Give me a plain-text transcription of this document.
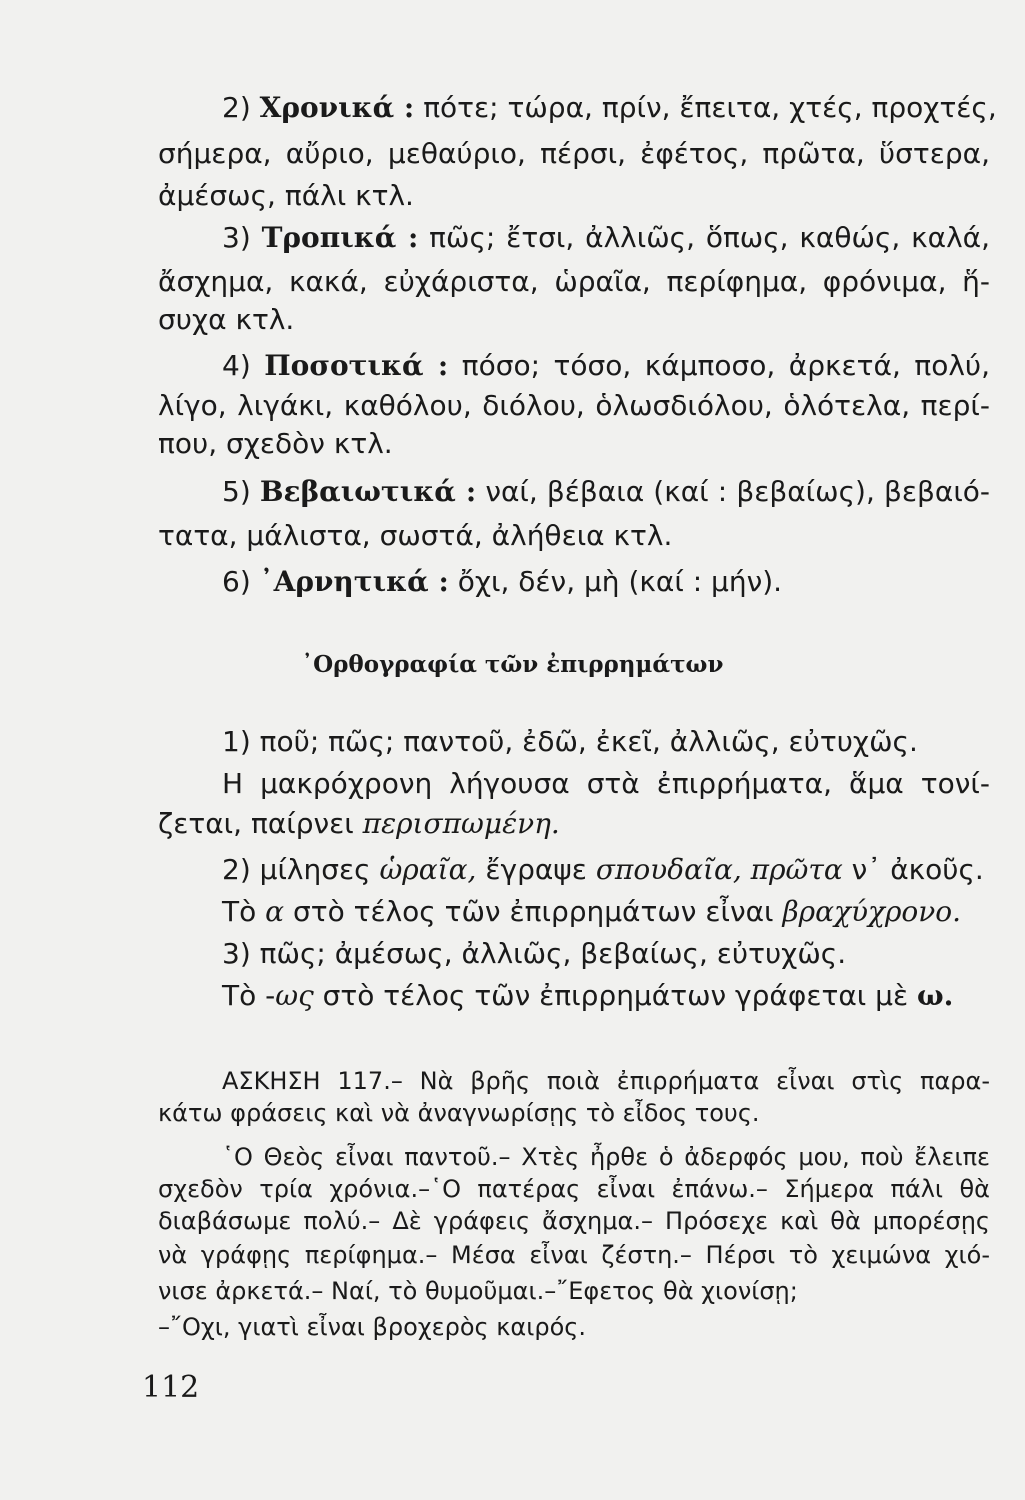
2) Χρονικά : πότε; τώρα, πρίν, ἔπειτα, χτές, προχτές,
σήμερα, αὔριο, μεθαύριο, πέρσι, ἐφέτος, πρῶτα, ὕστερα,
ἀμέσως, πάλι κτλ.
3) Τροπικά : πῶς; ἔτσι, ἀλλιῶς, ὅπως, καθώς, καλά,
ἄσχημα, κακά, εὐχάριστα, ὡραῖα, περίφημα, φρόνιμα, ἥ-
συχα κτλ.
4) Ποσοτικά : πόσο; τόσο, κάμποσο, ἀρκετά, πολύ,
λίγο, λιγάκι, καθόλου, διόλου, ὁλωσδιόλου, ὁλότελα, περί-
που, σχεδὸν κτλ.
5) Βεβαιωτικά : ναί, βέβαια (καί : βεβαίως), βεβαιό-
τατα, μάλιστα, σωστά, ἀλήθεια κτλ.
6) ᾿Αρνητικά : ὄχι, δέν, μὴ (καί : μήν).
᾿Ορθογραφία τῶν ἐπιρρημάτων
1) ποῦ; πῶς; παντοῦ, ἐδῶ, ἐκεῖ, ἀλλιῶς, εὐτυχῶς.
Η μακρόχρονη λήγουσα στὰ ἐπιρρήματα, ἅμα τονί-
ζεται, παίρνει περισπωμένη.
2) μίλησες ὡραῖα, ἔγραψε σπουδαῖα, πρῶτα ν᾿ ἀκοῦς.
Τὸ α στὸ τέλος τῶν ἐπιρρημάτων εἶναι βραχύχρονο.
3) πῶς; ἀμέσως, ἀλλιῶς, βεβαίως, εὐτυχῶς.
Τὸ -ως στὸ τέλος τῶν ἐπιρρημάτων γράφεται μὲ ω.
ΑΣΚΗΣΗ 117.– Νὰ βρῆς ποιὰ ἐπιρρήματα εἶναι στὶς παρα-
κάτω φράσεις καὶ νὰ ἀναγνωρίσῃς τὸ εἶδος τους.
῾Ο Θεὸς εἶναι παντοῦ.– Χτὲς ἦρθε ὁ ἀδερφός μου, ποὺ ἔλειπε
σχεδὸν τρία χρόνια.–῾Ο πατέρας εἶναι ἐπάνω.– Σήμερα πάλι θὰ
διαβάσωμε πολύ.– Δὲ γράφεις ἄσχημα.– Πρόσεχε καὶ θὰ μπορέσῃς
νὰ γράφῃς περίφημα.– Μέσα εἶναι ζέστη.– Πέρσι τὸ χειμώνα χιό-
νισε ἀρκετά.– Ναί, τὸ θυμοῦμαι.–῎Εφετος θὰ χιονίσῃ;
–῎Οχι, γιατὶ εἶναι βροχερὸς καιρός.
112
